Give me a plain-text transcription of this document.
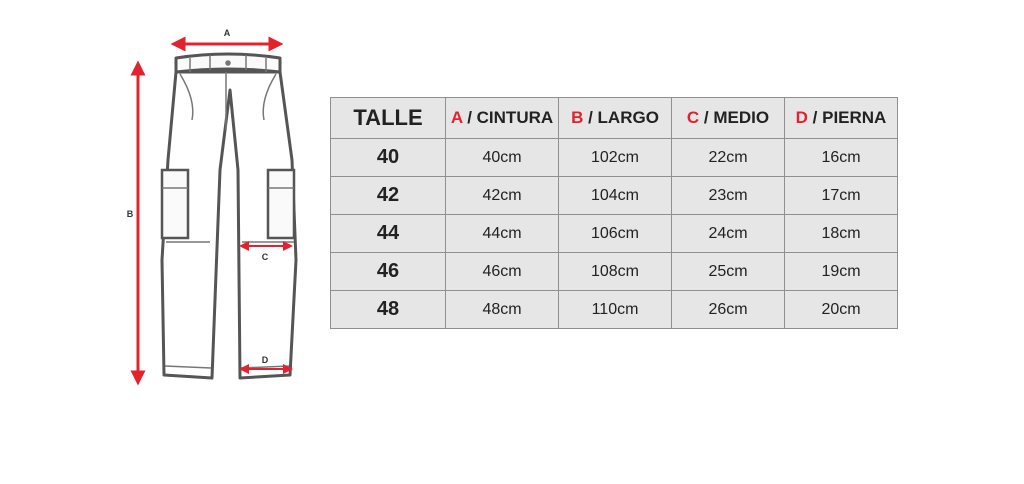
A
B
C
D
TALLE	A / CINTURA	B / LARGO	C / MEDIO	D / PIERNA
40	40cm	102cm	22cm	16cm
42	42cm	104cm	23cm	17cm
44	44cm	106cm	24cm	18cm
46	46cm	108cm	25cm	19cm
48	48cm	110cm	26cm	20cm
